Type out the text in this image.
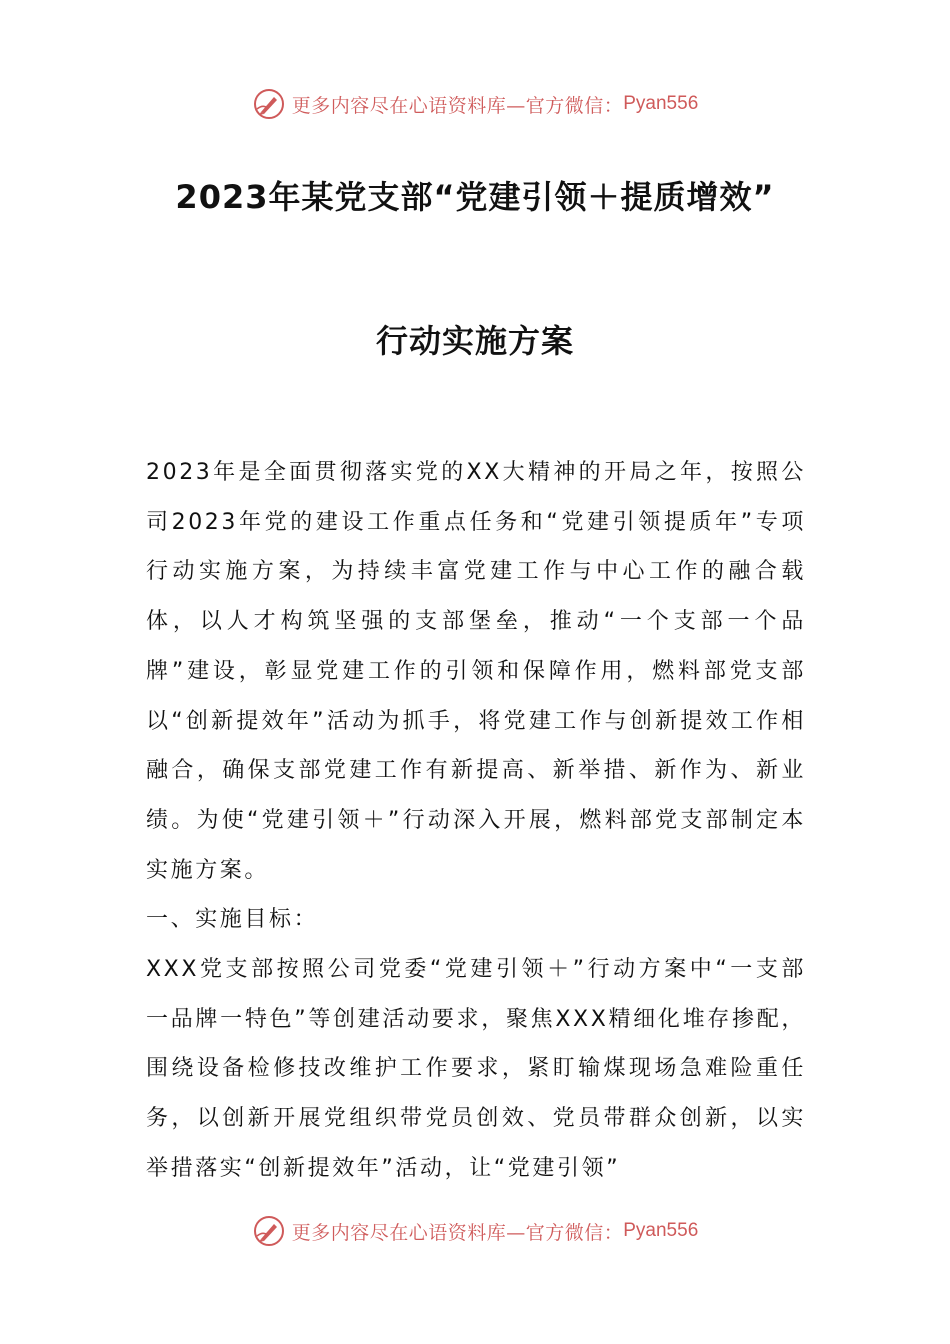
更多内容尽在心语资料库—官方微信： Pyan556
2023年某党支部“党建引领＋提质增效”
行动实施方案

2023年是全面贯彻落实党的XX大精神的开局之年，按照公司2023年党的建设工作重点任务和“党建引领提质年”专项行动实施方案，为持续丰富党建工作与中心工作的融合载体，以人才构筑坚强的支部堡垒，推动“一个支部一个品牌”建设，彰显党建工作的引领和保障作用，燃料部党支部以“创新提效年”活动为抓手，将党建工作与创新提效工作相融合，确保支部党建工作有新提高、新举措、新作为、新业绩。为使“党建引领＋”行动深入开展，燃料部党支部制定本实施方案。

一、实施目标：

XXX党支部按照公司党委“党建引领＋”行动方案中“一支部一品牌一特色”等创建活动要求，聚焦XXX精细化堆存掺配，围绕设备检修技改维护工作要求，紧盯输煤现场急难险重任务，以创新开展党组织带党员创效、党员带群众创新，以实举措落实“创新提效年”活动，让“党建引领”

更多内容尽在心语资料库—官方微信： Pyan556
